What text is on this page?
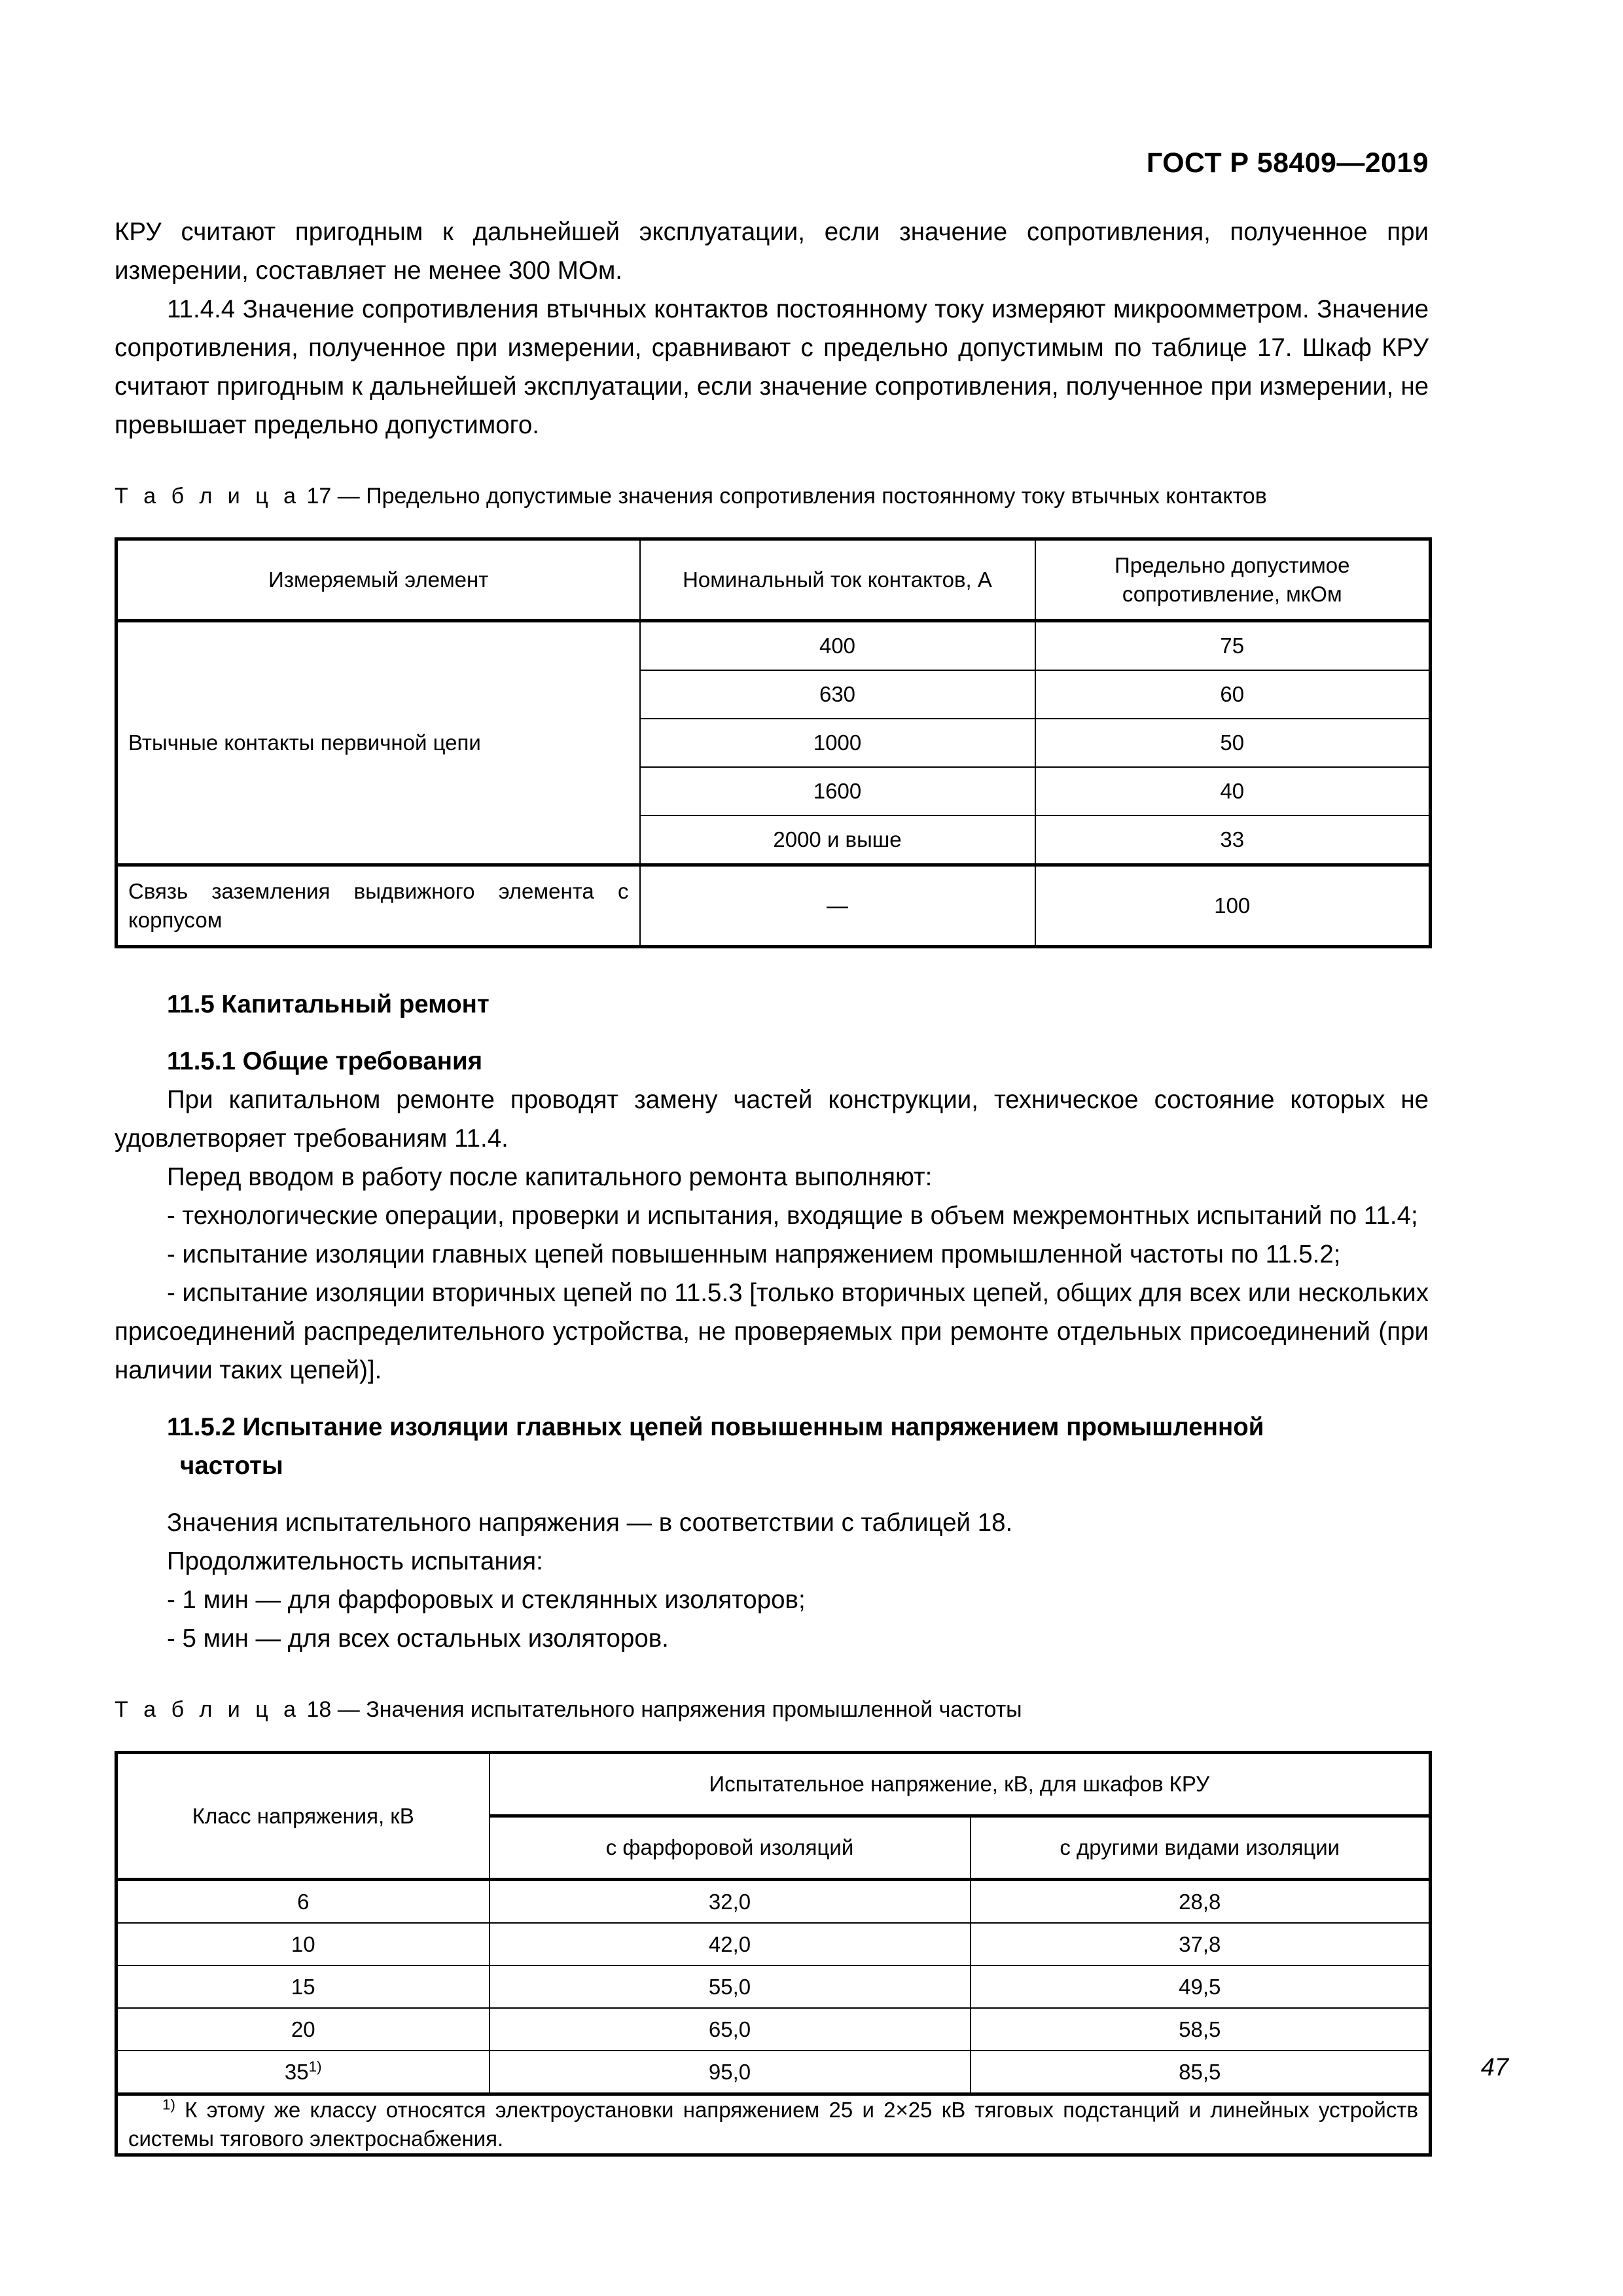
ГОСТ Р 58409—2019

КРУ считают пригодным к дальнейшей эксплуатации, если значение сопротивления, полученное при измерении, составляет не менее 300 МОм.

11.4.4 Значение сопротивления втычных контактов постоянному току измеряют микроомметром. Значение сопротивления, полученное при измерении, сравнивают с предельно допустимым по таблице 17. Шкаф КРУ считают пригодным к дальнейшей эксплуатации, если значение сопротивления, полученное при измерении, не превышает предельно допустимого.

Т а б л и ц а 17 — Предельно допустимые значения сопротивления постоянному току втычных контактов

Измеряемый элемент	Номинальный ток контактов, А	Предельно допустимое
сопротивление, мкОм
Втычные контакты первичной цепи	400	75
	630	60
	1000	50
	1600	40
	2000 и выше	33
Связь заземления выдвижного элемента с корпусом	—	100
11.5 Капитальный ремонт
11.5.1 Общие требования

При капитальном ремонте проводят замену частей конструкции, техническое состояние которых не удовлетворяет требованиям 11.4.

Перед вводом в работу после капитального ремонта выполняют:

- технологические операции, проверки и испытания, входящие в объем межремонтных испытаний по 11.4;

- испытание изоляции главных цепей повышенным напряжением промышленной частоты по 11.5.2;

- испытание изоляции вторичных цепей по 11.5.3 [только вторичных цепей, общих для всех или нескольких присоединений распределительного устройства, не проверяемых при ремонте отдельных присоединений (при наличии таких цепей)].

11.5.2 Испытание изоляции главных цепей повышенным напряжением промышленной
частоты

Значения испытательного напряжения — в соответствии с таблицей 18.

Продолжительность испытания:

- 1 мин — для фарфоровых и стеклянных изоляторов;

- 5 мин — для всех остальных изоляторов.

Т а б л и ц а 18 — Значения испытательного напряжения промышленной частоты

Класс напряжения, кВ	Испытательное напряжение, кВ, для шкафов КРУ	
	с фарфоровой изоляций	с другими видами изоляции
6	32,0	28,8
10	42,0	37,8
15	55,0	49,5
20	65,0	58,5
35$^{1)}$	95,0	85,5
$^{1)}$ К этому же классу относятся электроустановки напряжением 25 и 2×25 кВ тяговых подстанций и линейных устройств системы тягового электроснабжения.		
47
